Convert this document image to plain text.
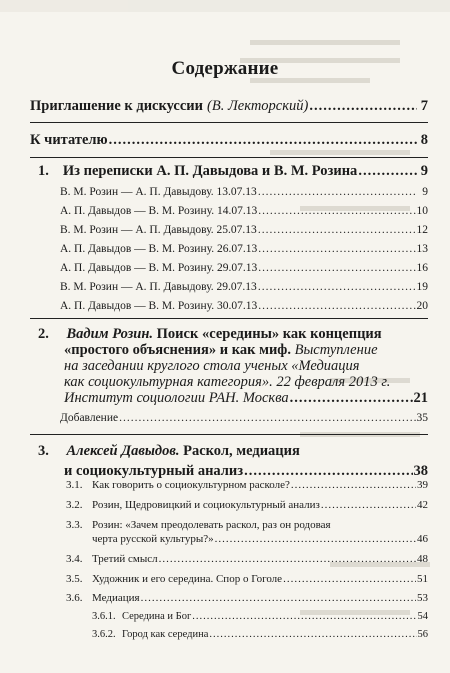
Содержание
Приглашение к дискуссии (В. Лекторский) .....	7
К читателю .....	8
1. Из переписки А. П. Давыдова и В. М. Розина .....	9
В. М. Розин — А. П. Давыдову. 13.07.13 .....	9
А. П. Давыдов — В. М. Розину. 14.07.13 .....	10
В. М. Розин — А. П. Давыдову. 25.07.13 .....	12
А. П. Давыдов — В. М. Розину. 26.07.13 .....	13
А. П. Давыдов — В. М. Розину. 29.07.13 .....	16
В. М. Розин — А. П. Давыдову. 29.07.13 .....	19
А. П. Давыдов — В. М. Розину. 30.07.13 .....	20
2. Вадим Розин. Поиск «середины» как концепция
«простого объяснения» и как миф. Выступление
на заседании круглого стола ученых «Медиация
как социокультурная категория». 22 февраля 2013 г.
Институт социологии РАН. Москва .....	21
Добавление .....	35
3. Алексей Давыдов. Раскол, медиация
и социокультурный анализ .....	38
3.1. Как говорить о социокультурном расколе? .....	39
3.2. Розин, Щедровицкий и социокультурный анализ .....	42
3.3. Розин: «Зачем преодолевать раскол, раз он родовая
черта русской культуры?» .....	46
3.4. Третий смысл .....	48
3.5. Художник и его середина. Спор о Гоголе .....	51
3.6. Медиация .....	53
3.6.1. Середина и Бог .....	54
3.6.2. Город как середина .....	56
